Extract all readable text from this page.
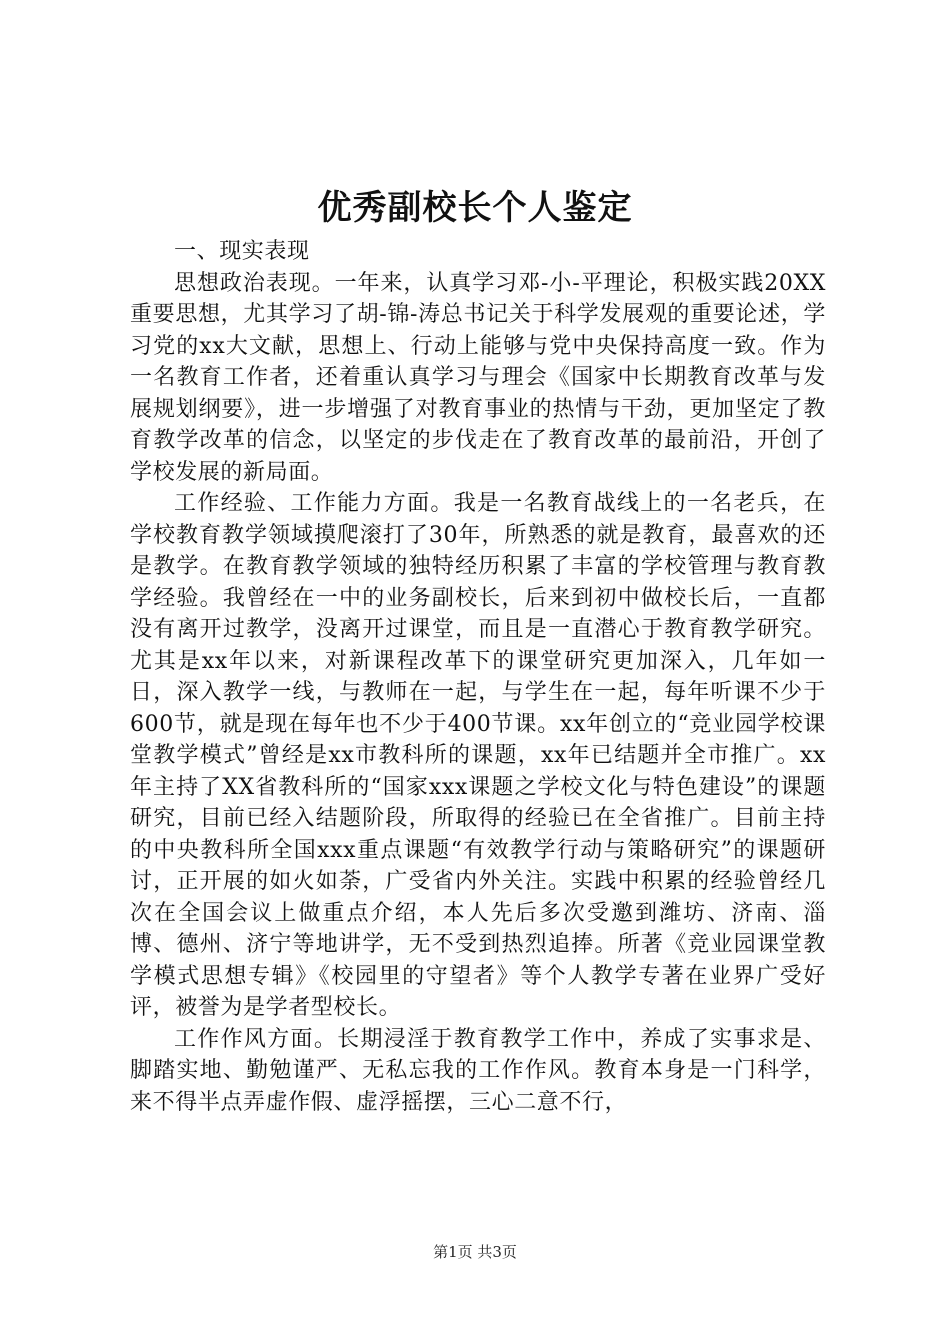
优秀副校长个人鉴定

一、现实表现

思想政治表现。一年来，认真学习邓-小-平理论，积极实践20XX重要思想，尤其学习了胡-锦-涛总书记关于科学发展观的重要论述，学习党的xx大文献，思想上、行动上能够与党中央保持高度一致。作为一名教育工作者，还着重认真学习与理会《国家中长期教育改革与发展规划纲要》，进一步增强了对教育事业的热情与干劲，更加坚定了教育教学改革的信念，以坚定的步伐走在了教育改革的最前沿，开创了学校发展的新局面。

工作经验、工作能力方面。我是一名教育战线上的一名老兵，在学校教育教学领域摸爬滚打了30年，所熟悉的就是教育，最喜欢的还是教学。在教育教学领域的独特经历积累了丰富的学校管理与教育教学经验。我曾经在一中的业务副校长，后来到初中做校长后，一直都没有离开过教学，没离开过课堂，而且是一直潜心于教育教学研究。尤其是xx年以来，对新课程改革下的课堂研究更加深入，几年如一日，深入教学一线，与教师在一起，与学生在一起，每年听课不少于600节，就是现在每年也不少于400节课。xx年创立的“竞业园学校课堂教学模式”曾经是xx市教科所的课题，xx年已结题并全市推广。xx年主持了XX省教科所的“国家xxx课题之学校文化与特色建设”的课题研究，目前已经入结题阶段，所取得的经验已在全省推广。目前主持的中央教科所全国xxx重点课题“有效教学行动与策略研究”的课题研讨，正开展的如火如荼，广受省内外关注。实践中积累的经验曾经几次在全国会议上做重点介绍，本人先后多次受邀到潍坊、济南、淄博、德州、济宁等地讲学，无不受到热烈追捧。所著《竞业园课堂教学模式思想专辑》《校园里的守望者》等个人教学专著在业界广受好评，被誉为是学者型校长。

工作作风方面。长期浸淫于教育教学工作中，养成了实事求是、脚踏实地、勤勉谨严、无私忘我的工作作风。教育本身是一门科学，来不得半点弄虚作假、虚浮摇摆，三心二意不行，

第1页 共3页
